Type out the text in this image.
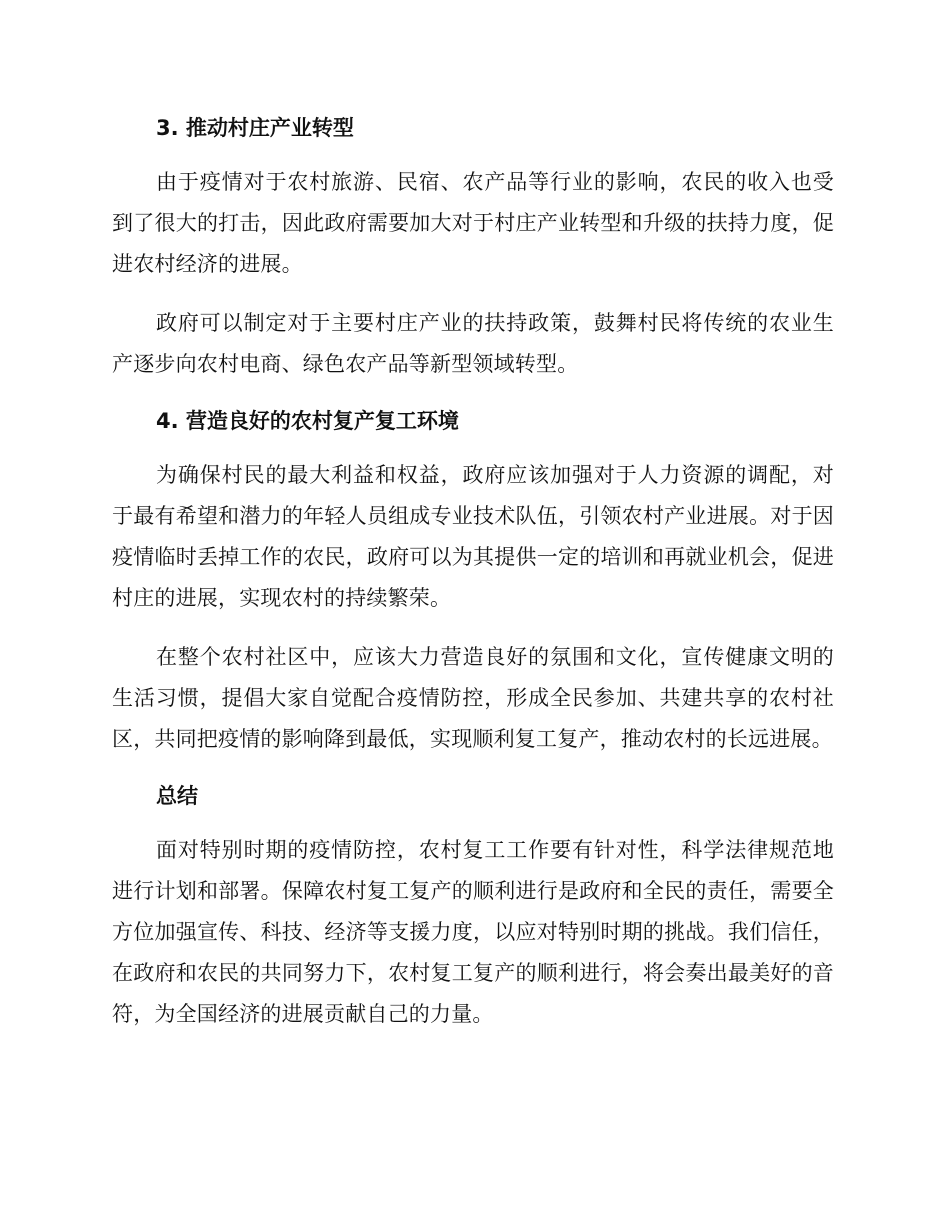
3. 推动村庄产业转型

由于疫情对于农村旅游、民宿、农产品等行业的影响，农民的收入也受到了很大的打击，因此政府需要加大对于村庄产业转型和升级的扶持力度，促进农村经济的进展。

政府可以制定对于主要村庄产业的扶持政策，鼓舞村民将传统的农业生产逐步向农村电商、绿色农产品等新型领域转型。

4. 营造良好的农村复产复工环境

为确保村民的最大利益和权益，政府应该加强对于人力资源的调配，对于最有希望和潜力的年轻人员组成专业技术队伍，引领农村产业进展。对于因疫情临时丢掉工作的农民，政府可以为其提供一定的培训和再就业机会，促进村庄的进展，实现农村的持续繁荣。

在整个农村社区中，应该大力营造良好的氛围和文化，宣传健康文明的生活习惯，提倡大家自觉配合疫情防控，形成全民参加、共建共享的农村社区，共同把疫情的影响降到最低，实现顺利复工复产，推动农村的长远进展。

总结

面对特别时期的疫情防控，农村复工工作要有针对性，科学法律规范地进行计划和部署。保障农村复工复产的顺利进行是政府和全民的责任，需要全方位加强宣传、科技、经济等支援力度，以应对特别时期的挑战。我们信任，在政府和农民的共同努力下，农村复工复产的顺利进行，将会奏出最美好的音符，为全国经济的进展贡献自己的力量。
